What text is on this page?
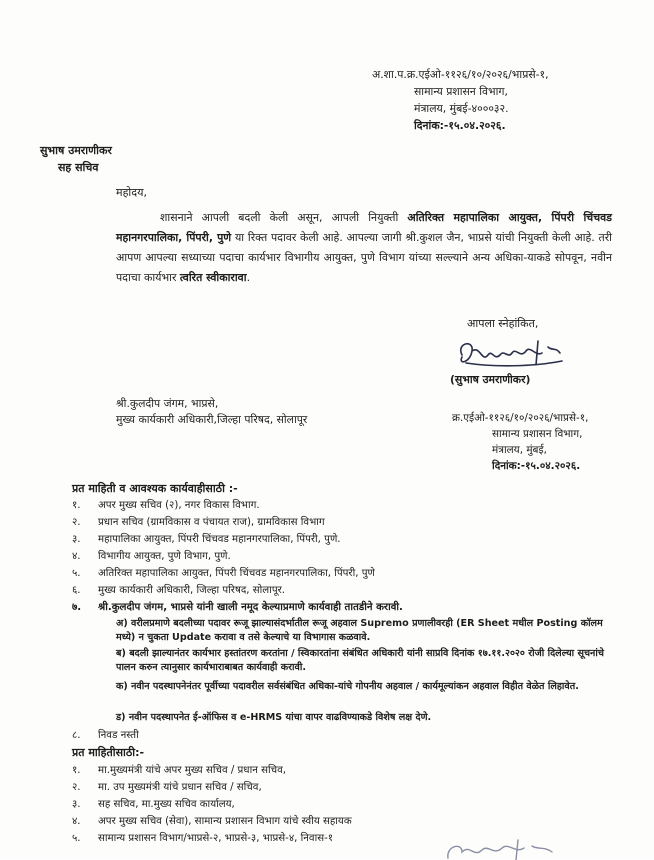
अ.शा.प.क्र.एईओ-११२६/१०/२०२६/भाप्रसे-१,
सामान्य प्रशासन विभाग,
मंत्रालय, मुंबई-४०००३२.
दिनांक:-१५.०४.२०२६.
सुभाष उमराणीकर
सह सचिव
महोदय,
शासनाने आपली बदली केली असून, आपली नियुक्ती अतिरिक्त महापालिका आयुक्त, पिंपरी चिंचवड महानगरपालिका, पिंपरी, पुणे या रिक्त पदावर केली आहे. आपल्या जागी श्री.कुशल जैन, भाप्रसे यांची नियुक्ती केली आहे. तरी आपण आपल्या सध्याच्या पदाचा कार्यभार विभागीय आयुक्त, पुणे विभाग यांच्या सल्ल्याने अन्य अधिका-याकडे सोपवून, नवीन पदाचा कार्यभार त्वरित स्वीकारावा.
आपला स्नेहांकित,
(सुभाष उमराणीकर)
श्री.कुलदीप जंगम, भाप्रसे,
मुख्य कार्यकारी अधिकारी,जिल्हा परिषद, सोलापूर	क्र.एईओ-११२६/१०/२०२६/भाप्रसे-१,
सामान्य प्रशासन विभाग,
मंत्रालय, मुंबई,
दिनांक:-१५.०४.२०२६.
प्रत माहिती व आवश्यक कार्यवाहीसाठी :-
१.	अपर मुख्य सचिव (२), नगर विकास विभाग.
२.	प्रधान सचिव (ग्रामविकास व पंचायत राज), ग्रामविकास विभाग
३.	महापालिका आयुक्त, पिंपरी चिंचवड महानगरपालिका, पिंपरी, पुणे.
४.	विभागीय आयुक्त, पुणे विभाग, पुणे.
५.	अतिरिक्त महापालिका आयुक्त, पिंपरी चिंचवड महानगरपालिका, पिंपरी, पुणे
६.	मुख्य कार्यकारी अधिकारी, जिल्हा परिषद, सोलापूर.
७.	श्री.कुलदीप जंगम, भाप्रसे यांनी खाली नमूद केल्याप्रमाणे कार्यवाही तातडीने करावी.
अ) वरीलप्रमाणे बदलीच्या पदावर रूजू झाल्यासंदर्भातील रूजू अहवाल Supremo प्रणालीवरही (ER Sheet मधील Posting कॉलम मध्ये) न चुकता Update करावा व तसे केल्याचे या विभागास कळवावे.
ब) बदली झाल्यानंतर कार्यभार हस्तांतरण करतांना / स्विकारतांना संबंधित अधिकारी यांनी साप्रवि दिनांक १७.११.२०२० रोजी दिलेल्या सूचनांचे पालन करुन त्यानुसार कार्यभाराबाबत कार्यवाही करावी.
क) नवीन पदस्थापनेनंतर पूर्वीच्या पदावरील सर्वसंबंधित अधिका-यांचे गोपनीय अहवाल / कार्यमूल्यांकन अहवाल विहीत वेळेत लिहावेत.
ड) नवीन पदस्थापनेत ई-ऑफिस व e-HRMS यांचा वापर वाढविण्याकडे विशेष लक्ष देणे.
८.	निवड नस्ती
प्रत माहितीसाठी:-
१.	मा.मुख्यमंत्री यांचे अपर मुख्य सचिव / प्रधान सचिव,
२.	मा. उप मुख्यमंत्री यांचे प्रधान सचिव / सचिव,
३.	सह सचिव, मा.मुख्य सचिव कार्यालय,
४.	अपर मुख्य सचिव (सेवा), सामान्य प्रशासन विभाग यांचे स्वीय सहायक
५.	सामान्य प्रशासन विभाग/भाप्रसे-२, भाप्रसे-३, भाप्रसे-४, निवास-१
